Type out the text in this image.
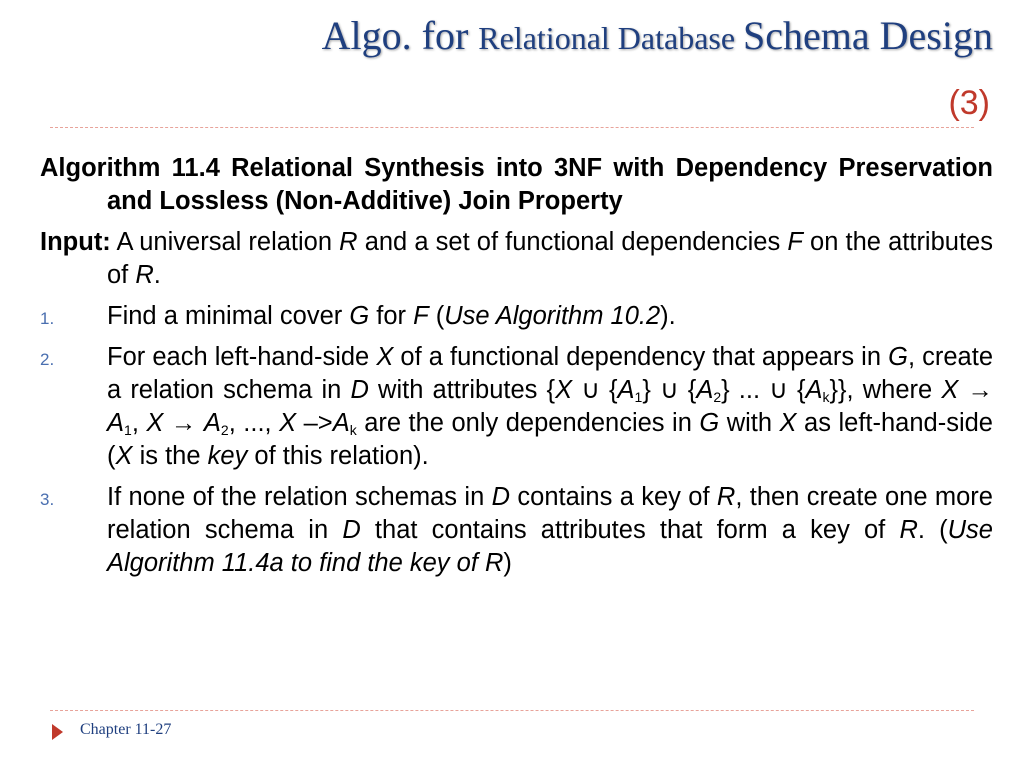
Algo. for Relational Database Schema Design
(3)

Algorithm 11.4 Relational Synthesis into 3NF with Dependency Preservation and Lossless (Non-Additive) Join Property

Input: A universal relation R and a set of functional dependencies F on the attributes of R.

1. Find a minimal cover G for F (Use Algorithm 10.2).
2. For each left-hand-side X of a functional dependency that appears in G, create a relation schema in D with attributes {X ∪ $\{A_1\}$ ∪ $\{A_2\}$ ... ∪ $\{A_k\}$}, where $X \to A_1$, $X \to A_2$, ..., X $->A_k$ are the only dependencies in G with X as left-hand-side (X is the key of this relation).
3. If none of the relation schemas in D contains a key of R, then create one more relation schema in D that contains attributes that form a key of R. (Use Algorithm 11.4a to find the key of R)
Chapter 11-27
